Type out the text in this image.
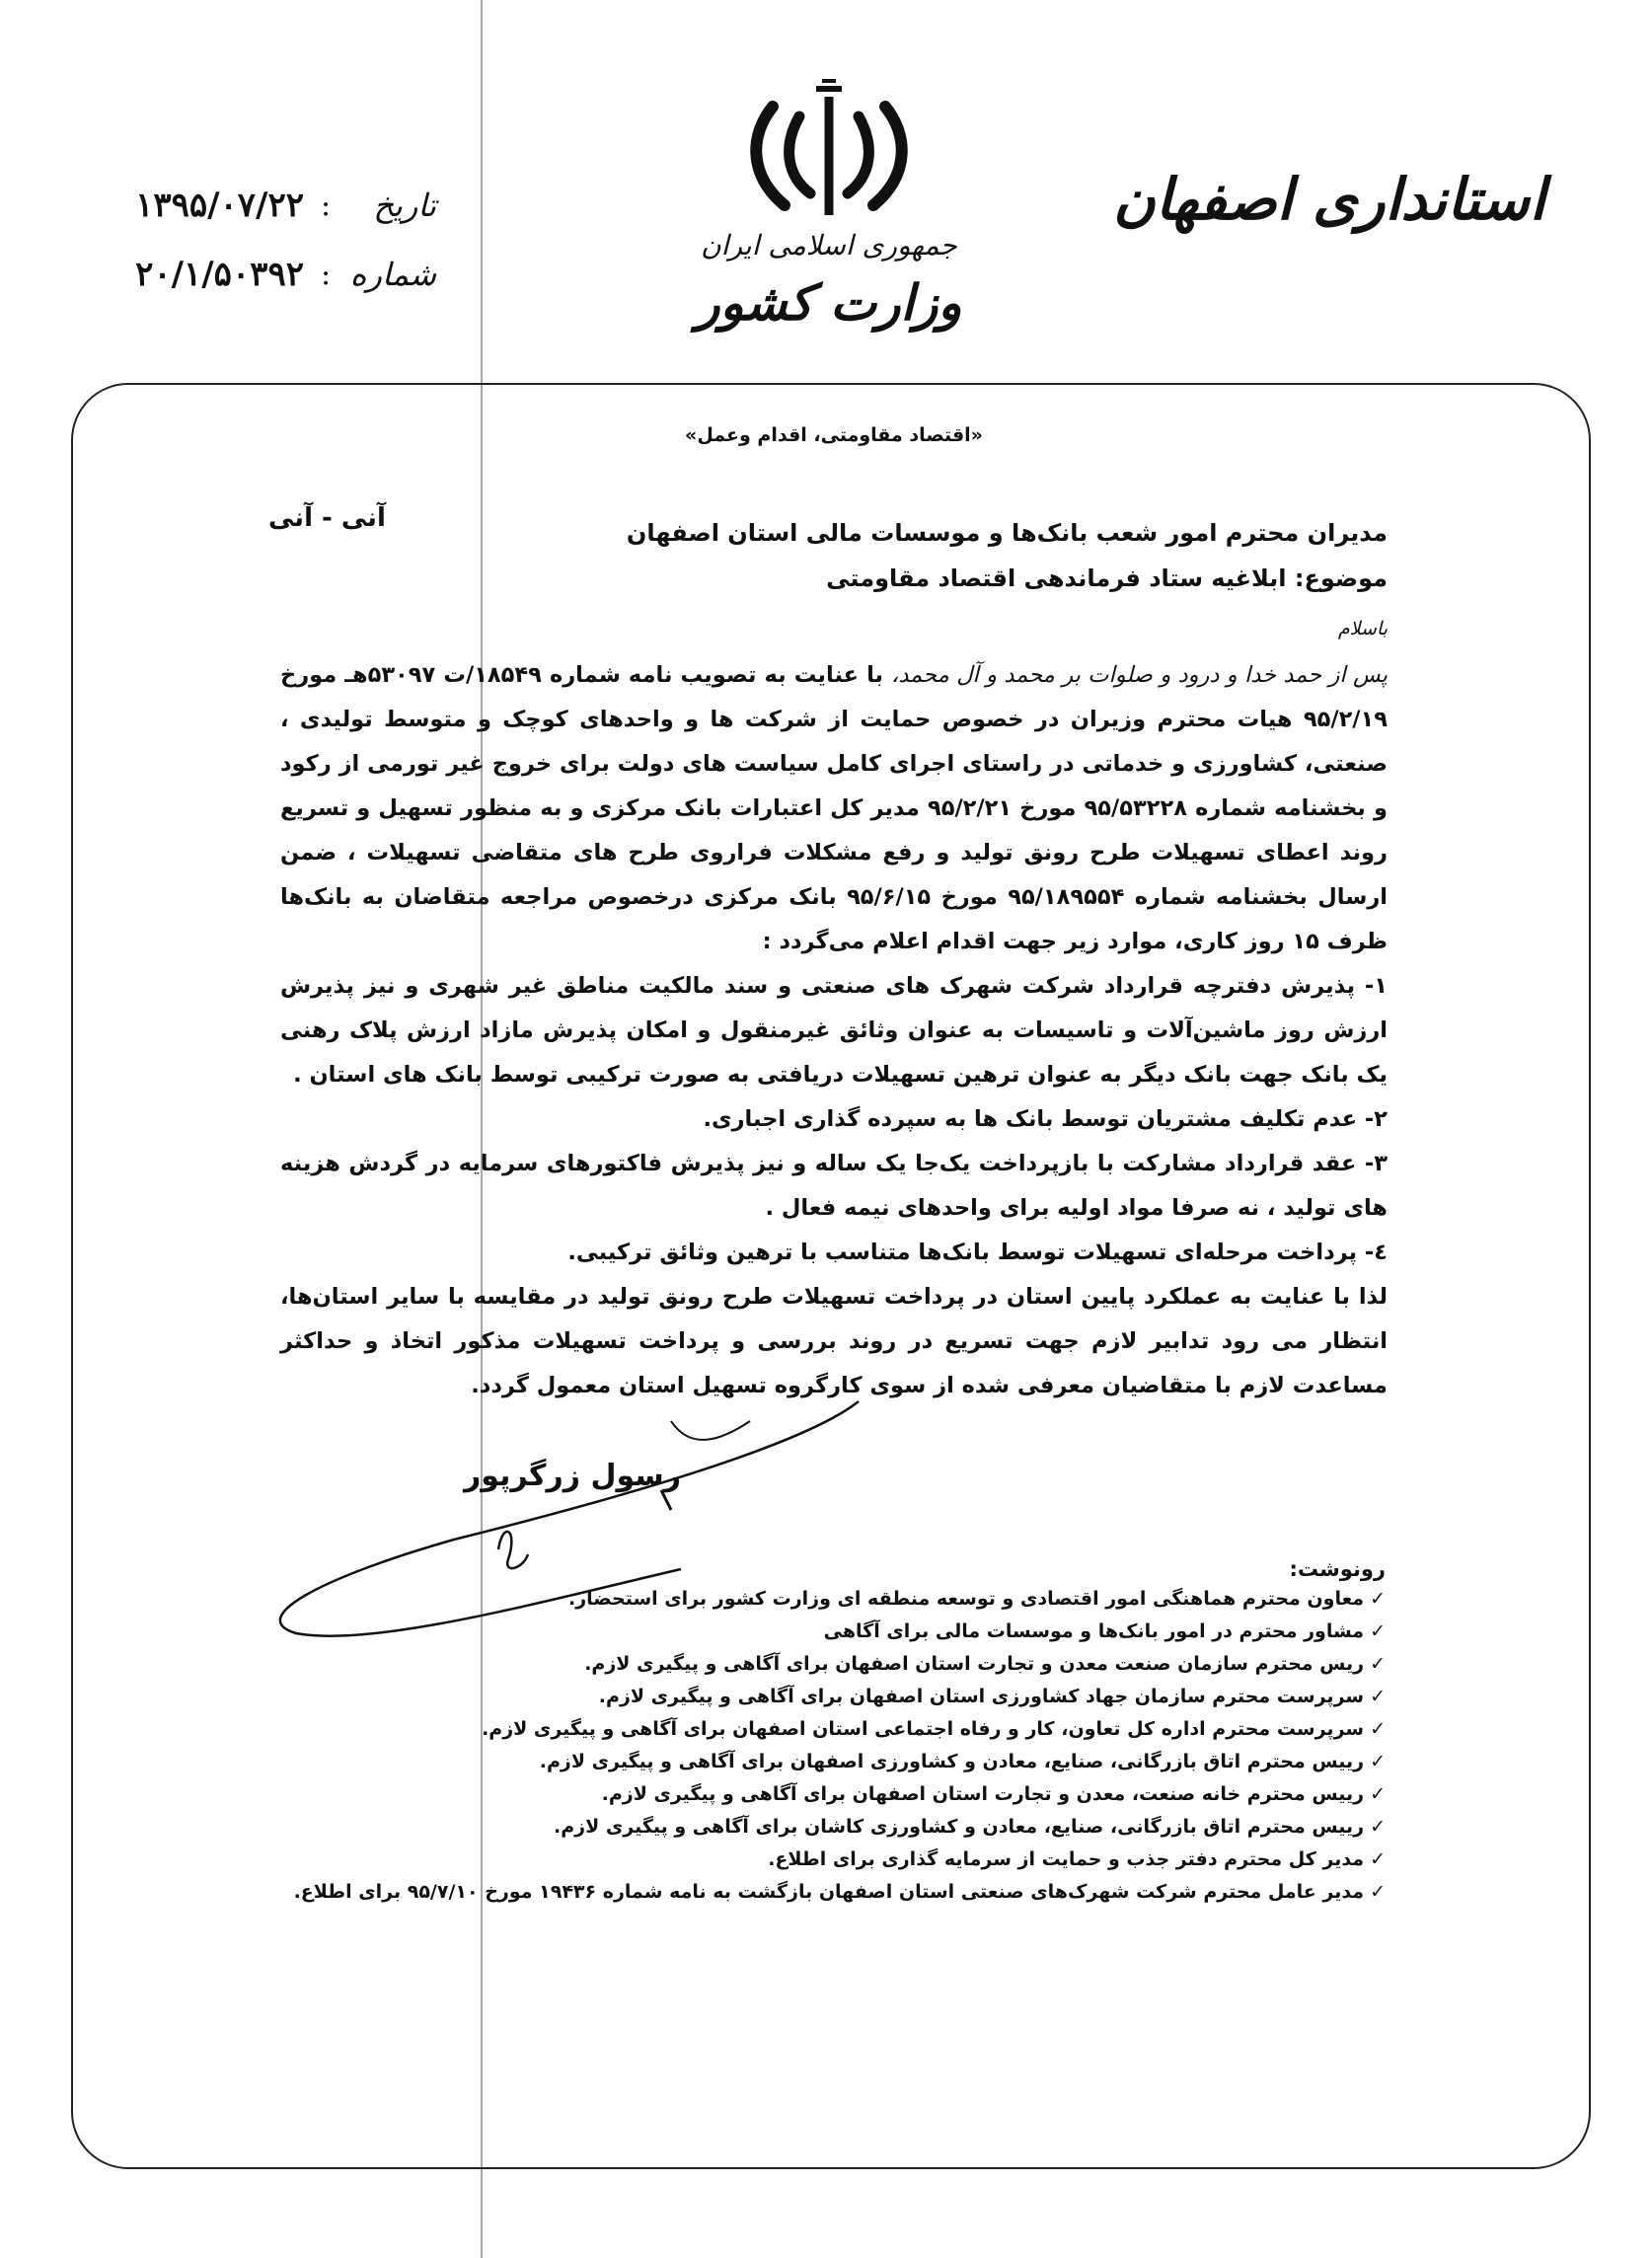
جمهوری اسلامی ایران
وزارت کشور
استانداری اصفهان
تاریخ
:
۱۳۹۵/۰۷/۲۲
شماره
:
۲۰/۱/۵۰۳۹۲
آنی - آنی
«اقتصاد مقاومتی، اقدام وعمل»
مدیران محترم امور شعب بانک‌ها و موسسات مالی استان اصفهان
موضوع: ابلاغیه ستاد فرماندهی اقتصاد مقاومتی
باسلام
پس از حمد خدا و درود و صلوات بر محمد و آل محمد، با عنایت به تصویب نامه شماره ۱۸۵۴۹/ت ۵۳۰۹۷هـ مورخ ۹۵/۲/۱۹ هیات محترم وزیران در خصوص حمایت از شرکت ها و واحدهای کوچک و متوسط تولیدی ، صنعتی، کشاورزی و خدماتی در راستای اجرای کامل سیاست های دولت برای خروج غیر تورمی از رکود و بخشنامه شماره ۹۵/۵۳۲۲۸ مورخ ۹۵/۲/۲۱ مدیر کل اعتبارات بانک مرکزی و به منظور تسهیل و تسریع روند اعطای تسهیلات طرح رونق تولید و رفع مشکلات فراروی طرح های متقاضی تسهیلات ، ضمن ارسال بخشنامه شماره ۹۵/۱۸۹۵۵۴ مورخ ۹۵/۶/۱۵ بانک مرکزی درخصوص مراجعه متقاضان به بانک‌ها ظرف ۱۵ روز کاری، موارد زیر جهت اقدام اعلام می‌گردد :
۱- پذیرش دفترچه قرارداد شرکت شهرک های صنعتی و سند مالکیت مناطق غیر شهری و نیز پذیرش ارزش روز ماشین‌آلات و تاسیسات به عنوان وثائق غیرمنقول و امکان پذیرش مازاد ارزش پلاک رهنی یک بانک جهت بانک دیگر به عنوان ترهین تسهیلات دریافتی به صورت ترکیبی توسط بانک های استان .
۲- عدم تکلیف مشتریان توسط بانک ها به سپرده گذاری اجباری.
۳- عقد قرارداد مشارکت با بازپرداخت یک‌جا یک ساله و نیز پذیرش فاکتورهای سرمایه در گردش هزینه های تولید ، نه صرفا مواد اولیه برای واحدهای نیمه فعال .
٤- پرداخت مرحله‌ای تسهیلات توسط بانک‌ها متناسب با ترهین وثائق ترکیبی.
لذا با عنایت به عملکرد پایین استان در پرداخت تسهیلات طرح رونق تولید در مقایسه با سایر استان‌ها، انتظار می رود تدابیر لازم جهت تسریع در روند بررسی و پرداخت تسهیلات مذکور اتخاذ و حداکثر مساعدت لازم با متقاضیان معرفی شده از سوی کارگروه تسهیل استان معمول گردد.
رسول زرگرپور
رونوشت:
✓معاون محترم هماهنگی امور اقتصادی و توسعه منطقه ای وزارت کشور برای استحضار.
✓مشاور محترم در امور بانک‌ها و موسسات مالی برای آگاهی
✓ریس محترم سازمان صنعت معدن و تجارت استان اصفهان برای آگاهی و پیگیری لازم.
✓سرپرست محترم سازمان جهاد کشاورزی استان اصفهان برای آگاهی و پیگیری لازم.
✓سرپرست محترم اداره کل تعاون، کار و رفاه اجتماعی استان اصفهان برای آگاهی و پیگیری لازم.
✓رییس محترم اتاق بازرگانی، صنایع، معادن و کشاورزی اصفهان برای آگاهی و پیگیری لازم.
✓رییس محترم خانه صنعت، معدن و تجارت استان اصفهان برای آگاهی و پیگیری لازم.
✓رییس محترم اتاق بازرگانی، صنایع، معادن و کشاورزی کاشان برای آگاهی و پیگیری لازم.
✓مدیر کل محترم دفتر جذب و حمایت از سرمایه گذاری برای اطلاع.
✓مدیر عامل محترم شرکت شهرک‌های صنعتی استان اصفهان بازگشت به نامه شماره ۱۹۴۳۶ مورخ ۹۵/۷/۱۰ برای اطلاع.
